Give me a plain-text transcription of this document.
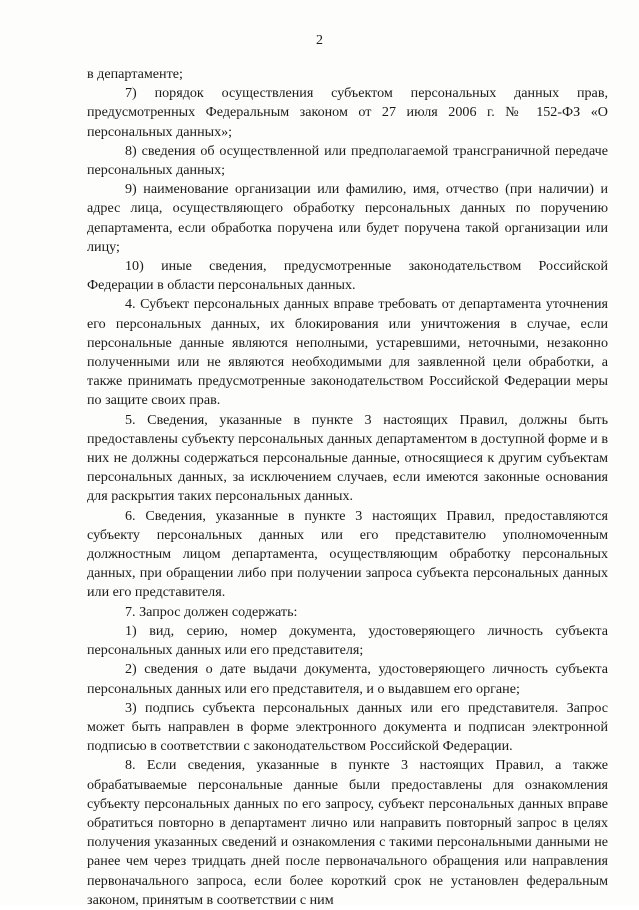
2

в департаменте;

7) порядок осуществления субъектом персональных данных прав, предусмотренных Федеральным законом от 27 июля 2006 г. № 152-ФЗ «О персональных данных»;

8) сведения об осуществленной или предполагаемой трансграничной передаче персональных данных;

9) наименование организации или фамилию, имя, отчество (при наличии) и адрес лица, осуществляющего обработку персональных данных по поручению департамента, если обработка поручена или будет поручена такой организации или лицу;

10) иные сведения, предусмотренные законодательством Российской Федерации в области персональных данных.

4. Субъект персональных данных вправе требовать от департамента уточнения его персональных данных, их блокирования или уничтожения в случае, если персональные данные являются неполными, устаревшими, неточными, незаконно полученными или не являются необходимыми для заявленной цели обработки, а также принимать предусмотренные законодательством Российской Федерации меры по защите своих прав.

5. Сведения, указанные в пункте 3 настоящих Правил, должны быть предоставлены субъекту персональных данных департаментом в доступной форме и в них не должны содержаться персональные данные, относящиеся к другим субъектам персональных данных, за исключением случаев, если имеются законные основания для раскрытия таких персональных данных.

6. Сведения, указанные в пункте 3 настоящих Правил, предоставляются субъекту персональных данных или его представителю уполномоченным должностным лицом департамента, осуществляющим обработку персональных данных, при обращении либо при получении запроса субъекта персональных данных или его представителя.

7. Запрос должен содержать:

1) вид, серию, номер документа, удостоверяющего личность субъекта персональных данных или его представителя;

2) сведения о дате выдачи документа, удостоверяющего личность субъекта персональных данных или его представителя, и о выдавшем его органе;

3) подпись субъекта персональных данных или его представителя. Запрос может быть направлен в форме электронного документа и подписан электронной подписью в соответствии с законодательством Российской Федерации.

8. Если сведения, указанные в пункте 3 настоящих Правил, а также обрабатываемые персональные данные были предоставлены для ознакомления субъекту персональных данных по его запросу, субъект персональных данных вправе обратиться повторно в департамент лично или направить повторный запрос в целях получения указанных сведений и ознакомления с такими персональными данными не ранее чем через тридцать дней после первоначального обращения или направления первоначального запроса, если более короткий срок не установлен федеральным законом, принятым в соответствии с ним
